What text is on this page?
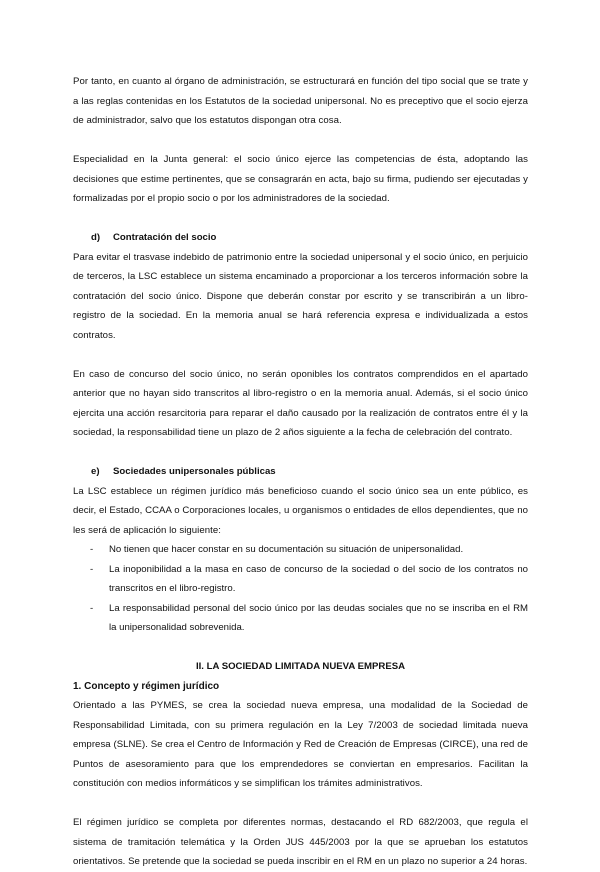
Por tanto, en cuanto al órgano de administración, se estructurará en función del tipo social que se trate y a las reglas contenidas en los Estatutos de la sociedad unipersonal. No es preceptivo que el socio ejerza de administrador, salvo que los estatutos dispongan otra cosa.

Especialidad en la Junta general: el socio único ejerce las competencias de ésta, adoptando las decisiones que estime pertinentes, que se consagrarán en acta, bajo su firma, pudiendo ser ejecutadas y formalizadas por el propio socio o por los administradores de la sociedad.

d) Contratación del socio

Para evitar el trasvase indebido de patrimonio entre la sociedad unipersonal y el socio único, en perjuicio de terceros, la LSC establece un sistema encaminado a proporcionar a los terceros información sobre la contratación del socio único. Dispone que deberán constar por escrito y se transcribirán a un libro-registro de la sociedad. En la memoria anual se hará referencia expresa e individualizada a estos contratos.

En caso de concurso del socio único, no serán oponibles los contratos comprendidos en el apartado anterior que no hayan sido transcritos al libro-registro o en la memoria anual. Además, si el socio único ejercita una acción resarcitoria para reparar el daño causado por la realización de contratos entre él y la sociedad, la responsabilidad tiene un plazo de 2 años siguiente a la fecha de celebración del contrato.

e) Sociedades unipersonales públicas

La LSC establece un régimen jurídico más beneficioso cuando el socio único sea un ente público, es decir, el Estado, CCAA o Corporaciones locales, u organismos o entidades de ellos dependientes, que no les será de aplicación lo siguiente:

- No tienen que hacer constar en su documentación su situación de unipersonalidad.
- La inoponibilidad a la masa en caso de concurso de la sociedad o del socio de los contratos no transcritos en el libro-registro.
- La responsabilidad personal del socio único por las deudas sociales que no se inscriba en el RM la unipersonalidad sobrevenida.
II. LA SOCIEDAD LIMITADA NUEVA EMPRESA
1. Concepto y régimen jurídico

Orientado a las PYMES, se crea la sociedad nueva empresa, una modalidad de la Sociedad de Responsabilidad Limitada, con su primera regulación en la Ley 7/2003 de sociedad limitada nueva empresa (SLNE). Se crea el Centro de Información y Red de Creación de Empresas (CIRCE), una red de Puntos de asesoramiento para que los emprendedores se conviertan en empresarios. Facilitan la constitución con medios informáticos y se simplifican los trámites administrativos.

El régimen jurídico se completa por diferentes normas, destacando el RD 682/2003, que regula el sistema de tramitación telemática y la Orden JUS 445/2003 por la que se aprueban los estatutos orientativos. Se pretende que la sociedad se pueda inscribir en el RM en un plazo no superior a 24 horas.
